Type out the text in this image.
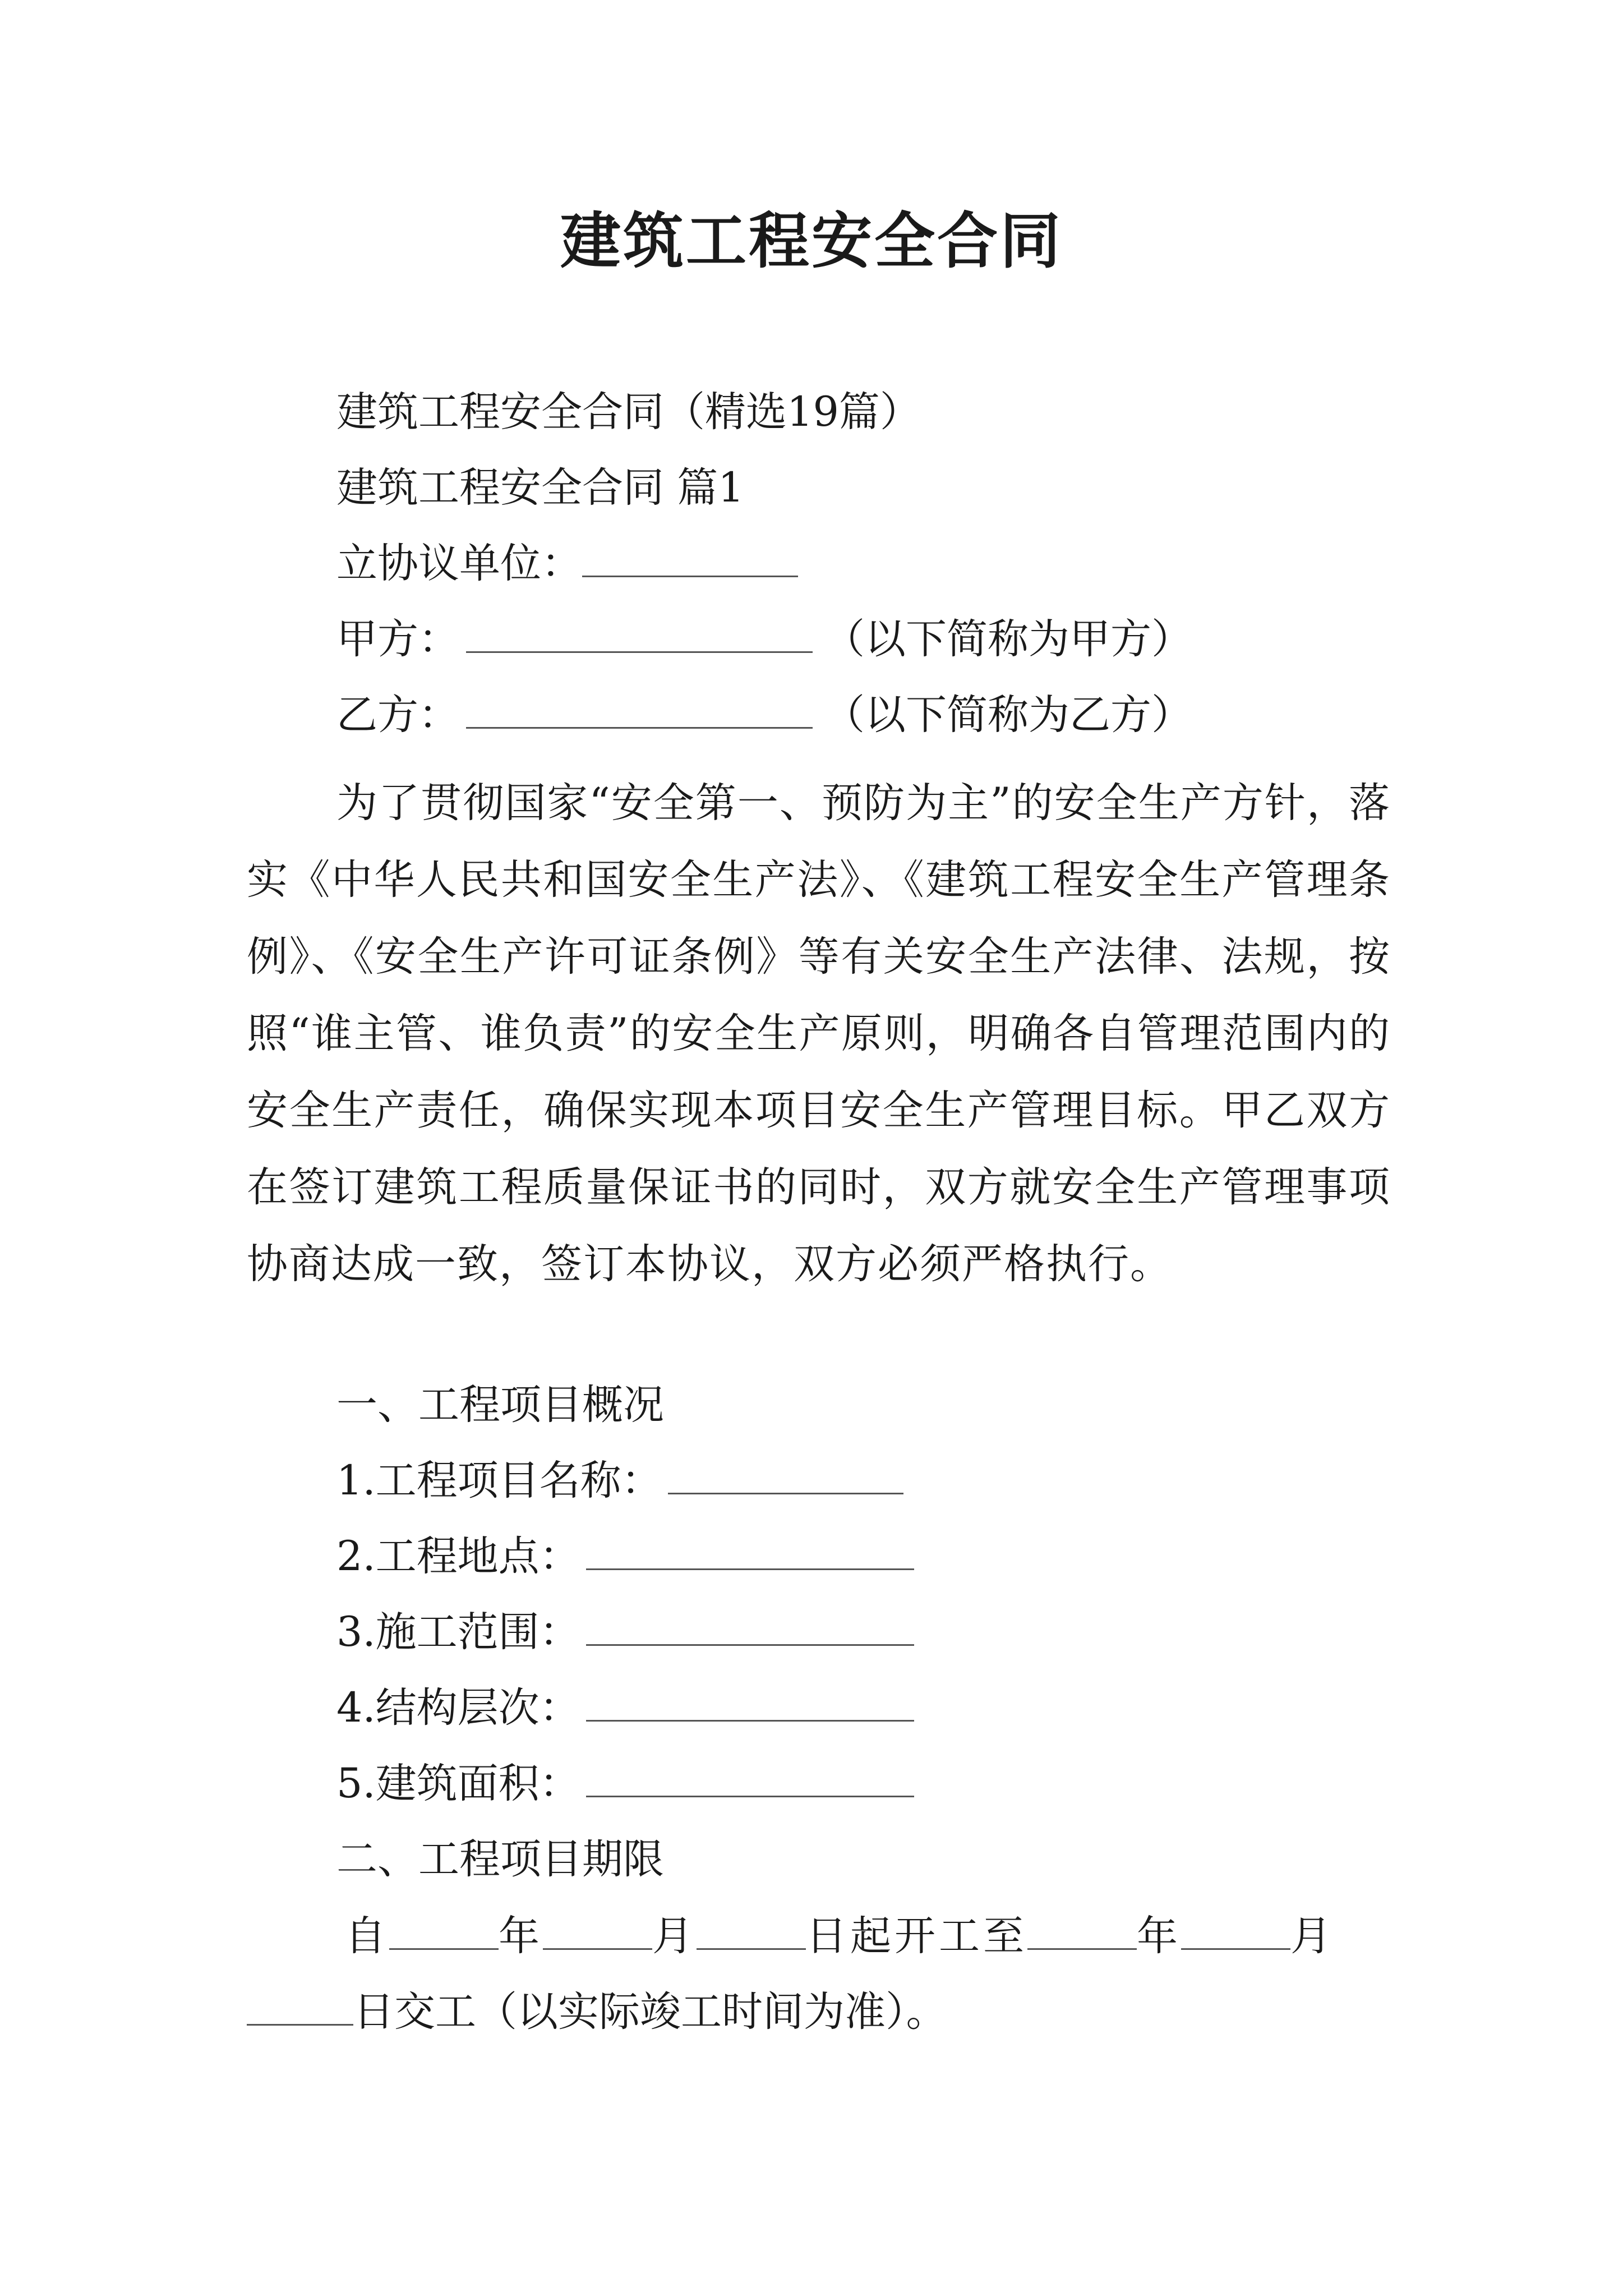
建筑工程安全合同
建筑工程安全合同（精选19篇）
建筑工程安全合同 篇1
立协议单位：
甲方：	（以下简称为甲方）
乙方：	（以下简称为乙方）
为了贯彻国家“安全第一、预防为主”的安全生产方针，落实《中华人民共和国安全生产法》、《建筑工程安全生产管理条例》、《安全生产许可证条例》等有关安全生产法律、法规，按照“谁主管、谁负责”的安全生产原则，明确各自管理范围内的安全生产责任，确保实现本项目安全生产管理目标。甲乙双方在签订建筑工程质量保证书的同时，双方就安全生产管理事项协商达成一致，签订本协议，双方必须严格执行。
一、工程项目概况
1.工程项目名称：
2.工程地点：
3.施工范围：
4.结构层次：
5.建筑面积：
二、工程项目期限
自	年	月	日起开工至	年	月
日交工（以实际竣工时间为准）。
